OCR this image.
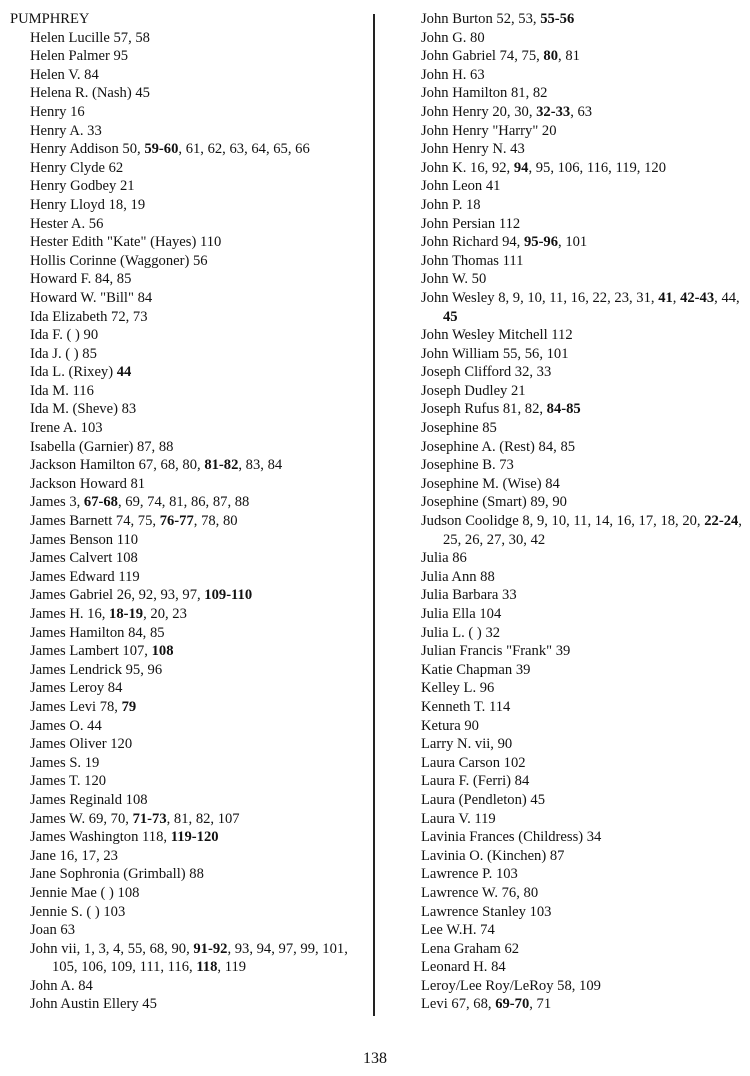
PUMPHREY
Helen Lucille 57, 58
Helen Palmer 95
Helen V. 84
Helena R. (Nash) 45
Henry 16
Henry A. 33
Henry Addison 50, 59-60, 61, 62, 63, 64, 65, 66
Henry Clyde 62
Henry Godbey 21
Henry Lloyd 18, 19
Hester A. 56
Hester Edith "Kate" (Hayes) 110
Hollis Corinne (Waggoner) 56
Howard F. 84, 85
Howard W. "Bill" 84
Ida Elizabeth 72, 73
Ida F. ( ) 90
Ida J. ( ) 85
Ida L. (Rixey) 44
Ida M. 116
Ida M. (Sheve) 83
Irene A. 103
Isabella (Garnier) 87, 88
Jackson Hamilton 67, 68, 80, 81-82, 83, 84
Jackson Howard 81
James 3, 67-68, 69, 74, 81, 86, 87, 88
James Barnett 74, 75, 76-77, 78, 80
James Benson 110
James Calvert 108
James Edward 119
James Gabriel 26, 92, 93, 97, 109-110
James H. 16, 18-19, 20, 23
James Hamilton 84, 85
James Lambert 107, 108
James Lendrick 95, 96
James Leroy 84
James Levi 78, 79
James O. 44
James Oliver 120
James S. 19
James T. 120
James Reginald 108
James W. 69, 70, 71-73, 81, 82, 107
James Washington 118, 119-120
Jane 16, 17, 23
Jane Sophronia (Grimball) 88
Jennie Mae ( ) 108
Jennie S. ( ) 103
Joan 63
John vii, 1, 3, 4, 55, 68, 90, 91-92, 93, 94, 97, 99, 101, 105, 106, 109, 111, 116, 118, 119
John A. 84
John Austin Ellery 45
John Burton 52, 53, 55-56
John G. 80
John Gabriel 74, 75, 80, 81
John H. 63
John Hamilton 81, 82
John Henry 20, 30, 32-33, 63
John Henry "Harry" 20
John Henry N. 43
John K. 16, 92, 94, 95, 106, 116, 119, 120
John Leon 41
John P. 18
John Persian 112
John Richard 94, 95-96, 101
John Thomas 111
John W. 50
John Wesley 8, 9, 10, 11, 16, 22, 23, 31, 41, 42-43, 44, 45
John Wesley Mitchell 112
John William 55, 56, 101
Joseph Clifford 32, 33
Joseph Dudley 21
Joseph Rufus 81, 82, 84-85
Josephine 85
Josephine A. (Rest) 84, 85
Josephine B. 73
Josephine M. (Wise) 84
Josephine (Smart) 89, 90
Judson Coolidge 8, 9, 10, 11, 14, 16, 17, 18, 20, 22-24, 25, 26, 27, 30, 42
Julia 86
Julia Ann 88
Julia Barbara 33
Julia Ella 104
Julia L. ( ) 32
Julian Francis "Frank" 39
Katie Chapman 39
Kelley L. 96
Kenneth T. 114
Ketura 90
Larry N. vii, 90
Laura Carson 102
Laura F. (Ferri) 84
Laura (Pendleton) 45
Laura V. 119
Lavinia Frances (Childress) 34
Lavinia O. (Kinchen) 87
Lawrence P. 103
Lawrence W. 76, 80
Lawrence Stanley 103
Lee W.H. 74
Lena Graham 62
Leonard H. 84
Leroy/Lee Roy/LeRoy 58, 109
Levi 67, 68, 69-70, 71
138
